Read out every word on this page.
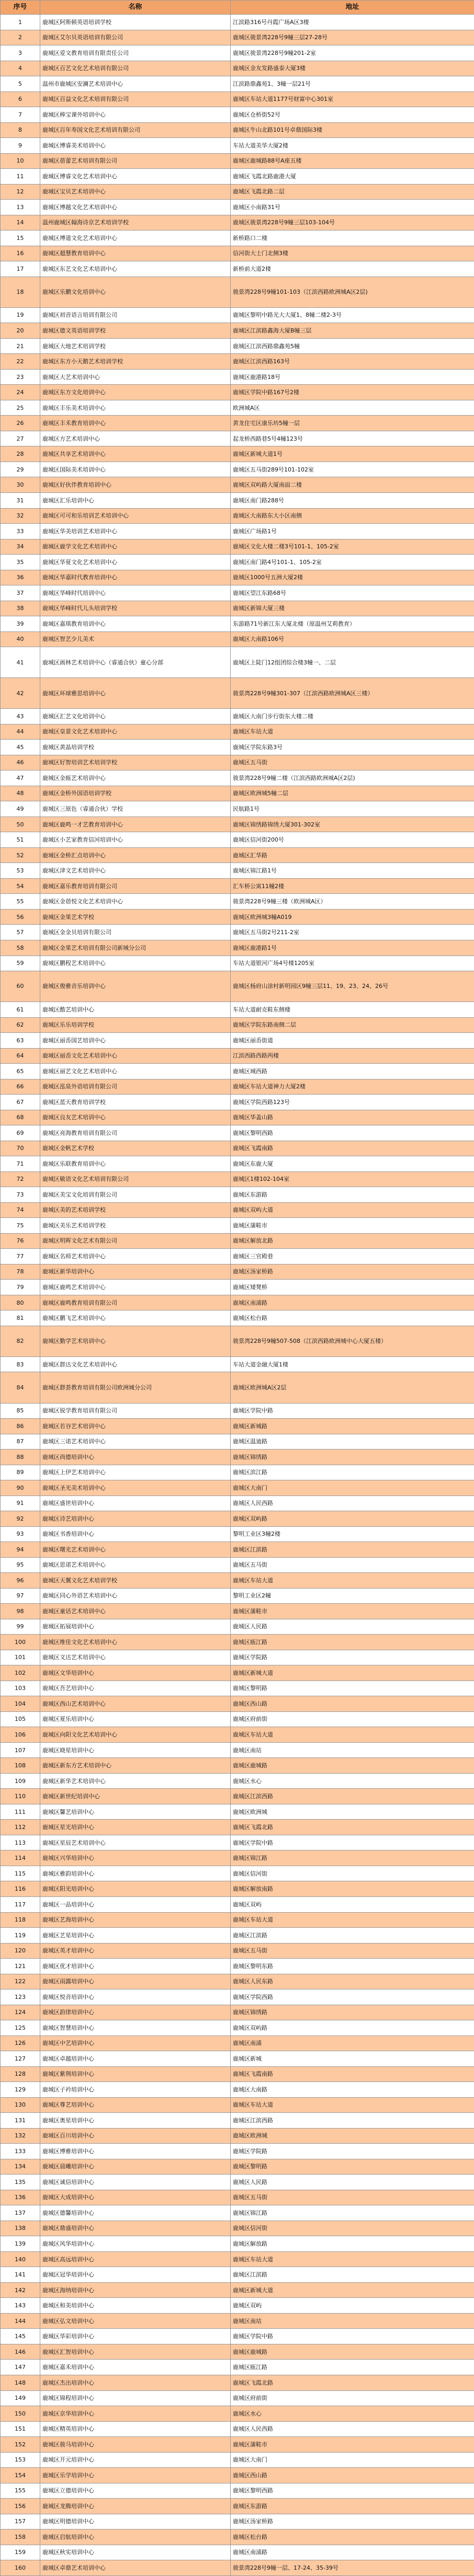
序号	名称	地址
1	鹿城区阿斯顿英语培训学校	江滨路316号丹霞广场A区3楼
2	鹿城区艾尔贝英语培训有限公司	鹿城区骏景湾228号9幢三层27-28号
3	鹿城区爱文教育培训有限责任公司	鹿城区骏景湾228号9幢201-2室
4	鹿城区百艺文化艺术培训有限公司	鹿城区金友发路盛泰大厦3楼
5	温州市鹿城区安澜艺术培训中心	江滨路鼎鑫苑1、3幢一层21号
6	鹿城区百益文化艺术培训有限公司	鹿城区车站大道1177号财富中心301室
7	鹿城区棒宝课外培训中心	鹿城区仓桥街52号
8	鹿城区百年寿国文化艺术培训有限公司	鹿城区牛山北路101号卓鼎国际3楼
9	鹿城区博睿美术培训中心	车站大道美华大厦2楼
10	鹿城区蓓蕾艺术培训有限公司	鹿城区鹿城路88号A座五楼
11	鹿城区博睿文化艺术培训中心	鹿城区飞霞北路鹿港大厦
12	鹿城区宝贝艺术培训中心	鹿城区飞霞北路二层
13	鹿城区博越文化艺术培训中心	鹿城区小南路31号
14	温州鹿城区翰海诗京艺术培训学校	鹿城区骏景湾228号9幢三层103-104号
15	鹿城区博道文化艺术培训中心	新桥路口二楼
16	鹿城区超慧教育培训中心	信河街大士门北侧3楼
17	鹿城区东艺文化艺术培训中心	新桥前大道2楼
18	鹿城区乐鹏文化培训中心	骏景湾228号9幢101-103（江滨西路欧洲城A区2层)
19	鹿城区初音语言培训有限公司	鹿城区黎明中路光大大厦1、8幢二楼2-3号
20	鹿城区德文英语培训学校	鹿城区江滨路鑫海大厦B幢三层
21	鹿城区大地艺术培训学校	鹿城区江滨西路鼎鑫苑5幢
22	鹿城区东方小天鹅艺术培训学校	鹿城区江滨西路163号
23	鹿城区大艺术培训中心	鹿城区鹿港路18号
24	鹿城区东方文化培训中心	鹿城区学院中路167号2楼
25	鹿城区丰乐美术培训中心	欧洲城A区
26	鹿城区丰禾教育培训中心	黄龙住宅区康乐坊5幢一层
27	鹿城区方艺术培训中心	起龙桥西路巷5号4幢123号
28	鹿城区共享艺术培训中心	鹿城区新城大道1号
29	鹿城区国际美术培训中心	鹿城区五马街289号101-102室
30	鹿城区好伙伴教育培训中心	鹿城区双屿路大厦南面二楼
31	鹿城区汇乐培训中心	鹿城区南门路288号
32	鹿城区可可和乐培训艺术培训中心	鹿城区大南路东大小区南侧
33	鹿城区华美培训艺术培训中心	鹿城区广场路1号
34	鹿城区鹿学文化艺术培训中心	鹿城区文化大楼二楼3号101-1、105-2室
35	鹿城区华夏文化艺术培训中心	鹿城区南门路4号101-1、105-2室
36	鹿城区华嘉时代教育培训中心	鹿城区1000号五洲大厦2楼
37	鹿城区华峰时代培训中心	鹿城区望江东路68号
38	鹿城区华峰时代儿头培训学校	鹿城区新锦大厦三楼
39	鹿城区嘉琪教育培训中心	东游路71号新江东大厦北楼（原温州艾莉教育）
40	鹿城区智艺少儿美术	鹿城区大南路106号
41	鹿城区画林艺术培训中心（睿通合伙）童心分部	鹿城区上陡门12组团综合楼3幢一、二层
42	鹿城区环球雅思培训中心	骏景湾228号9幢301-307（江滨西路欧洲城A区三楼）
43	鹿城区汇艺文化培训中心	鹿城区大南门步行街东大楼二楼
44	鹿城区皇景文化艺术培训中心	鹿城区车站大道
45	鹿城区黄晶培训学校	鹿城区学院东路3号
46	鹿城区好智培训艺术培训学校	鹿城区五马街
47	鹿城区金瓯艺术培训中心	骏景湾228号9幢二楼（江滨西路欧洲城A区2层)
48	鹿城区金桥外国语培训学校	鹿城区欧洲城5幢二层
49	鹿城区三原色（睿通合伙）学校	民航路1号
50	鹿城区鹿鸣一才艺教育培训中心	鹿城区锦绣路锦绣大厦301-302室
51	鹿城区小艺家教育信河培训中心	鹿城区信河街200号
52	鹿城区金桥汇点培训中心	鹿城区汇华路
53	鹿城区津文艺术培训中心	鹿城区锦江路1号
54	鹿城区嘉乐教育培训有限公司	汇车桥公寓11幢2楼
55	鹿城区金蓓悦文化艺术培训中心	骏景湾228号9幢三楼（欧洲城A区）
56	鹿城区金果艺术学校	鹿城区欧洲城3幢A019
57	鹿城区金金贝培训有限公司	鹿城区五马街2号211-2室
58	鹿城区金果艺术培训有限公司新城分公司	鹿城区鹿港路1号
59	鹿城区鹏程艺术培训中心	车站大道银河广场4号楼1205室
60	鹿城区俊雅音乐培训中心	鹿城区杨府山涂村新明园区9幢三层11、19、23、24、26号
61	鹿城区酷艺培训中心	车站大道耐克鞋东侧楼
62	鹿城区乐乐培训学校	鹿城区学院东路南侧二层
63	鹿城区丽岙国艺培训中心	鹿城区丽岙街道
64	鹿城区丽岙文化艺术培训中心	江滨西路西路两楼
65	鹿城区丽艺文化艺术培训中心	鹿城区城西路
66	鹿城区泓泉外语培训有限公司	鹿城区车站大道神力大厦2楼
67	鹿城区蓝天教育培训学校	鹿城区学院西路123号
68	鹿城区良友艺术培训中心	鹿城区华盖山路
69	鹿城区亮海教育培训有限公司	鹿城区黎明西路
70	鹿城区金帆艺术学校	鹿城区飞霞南路
71	鹿城区乐联教育培训中心	鹿城区东鹿大厦
72	鹿城区敏语文化艺术培训有限公司	鹿城区1楼102-104室
73	鹿城区美宝文化培训有限公司	鹿城区东游路
74	鹿城区美的艺术培训学校	鹿城区双屿大道
75	鹿城区美乐艺术培训学校	鹿城区蒲鞋市
76	鹿城区明晖文化艺术有限公司	鹿城区解放北路
77	鹿城区名师艺术培训中心	鹿城区三官殿巷
78	鹿城区新华培训中心	鹿城区汤家桥路
79	鹿城区鹿鸣艺术培训中心	鹿城区矮凳桥
80	鹿城区鹿鸣教育培训有限公司	鹿城区南浦路
81	鹿城区鹏飞艺术培训中心	鹿城区松台路
82	鹿城区勤学艺术培训中心	骏景湾228号9幢507-508（江滨西路欧洲城中心大厦五楼）
83	鹿城区群达文化艺术培训中心	车站大道金融大厦1楼
84	鹿城区群荟教育培训有限公司欧洲城分公司	鹿城区欧洲城A区2层
85	鹿城区锐学教育培训有限公司	鹿城区学院中路
86	鹿城区若谷艺术培训中心	鹿城区新城路
87	鹿城区三诺艺术培训中心	鹿城区温迪路
88	鹿城区尚德培训中心	鹿城区锦绣路
89	鹿城区上伊艺术培训中心	鹿城区滨江路
90	鹿城区圣光美术培训中心	鹿城区大南门
91	鹿城区盛世培训中心	鹿城区人民西路
92	鹿城区诗艺培训中心	鹿城区双屿路
93	鹿城区书香培训中心	黎明工业区3幢2楼
94	鹿城区曙光艺术培训中心	鹿城区江滨路
95	鹿城区思诺艺术培训中心	鹿城区五马街
96	鹿城区天翼文化艺术培训学校	鹿城区车站大道
97	鹿城区同心外语艺术培训中心	黎明工业区2幢
98	鹿城区童话艺术培训中心	鹿城区蒲鞋市
99	鹿城区拓展培训中心	鹿城区人民路
100	鹿城区维佳文化艺术培训中心	鹿城区瓯江路
101	鹿城区文达艺术培训中心	鹿城区学院路
102	鹿城区文华培训中心	鹿城区新城大道
103	鹿城区吾艺培训中心	鹿城区黎明路
104	鹿城区西山艺术培训中心	鹿城区西山路
105	鹿城区夏乐培训中心	鹿城区府前街
106	鹿城区向阳文化艺术培训中心	鹿城区车站大道
107	鹿城区晓星培训中心	鹿城区南站
108	鹿城区新东方艺术培训中心	鹿城区鹿城路
109	鹿城区新华艺术培训中心	鹿城区水心
110	鹿城区新世纪培训中心	鹿城区江滨西路
111	鹿城区馨艺培训中心	鹿城区欧洲城
112	鹿城区星光培训中心	鹿城区飞霞北路
113	鹿城区星辰艺术培训中心	鹿城区学院中路
114	鹿城区兴华培训中心	鹿城区锦江路
115	鹿城区雅韵培训中心	鹿城区信河街
116	鹿城区阳光培训中心	鹿城区解放南路
117	鹿城区一品培训中心	鹿城区双屿
118	鹿城区艺海培训中心	鹿城区车站大道
119	鹿城区艺星培训中心	鹿城区江滨路
120	鹿城区英才培训中心	鹿城区五马街
121	鹿城区优才培训中心	鹿城区黎明东路
122	鹿城区雨露培训中心	鹿城区人民东路
123	鹿城区悦音培训中心	鹿城区学院西路
124	鹿城区韵律培训中心	鹿城区锦绣路
125	鹿城区智慧培训中心	鹿城区双屿路
126	鹿城区中艺培训中心	鹿城区南浦
127	鹿城区卓越培训中心	鹿城区新城
128	鹿城区紫荆培训中心	鹿城区飞霞南路
129	鹿城区子衿培训中心	鹿城区大南路
130	鹿城区尊艺培训中心	鹿城区车站大道
131	鹿城区奥星培训中心	鹿城区江滨西路
132	鹿城区百川培训中心	鹿城区欧洲城
133	鹿城区博雅培训中心	鹿城区学院路
134	鹿城区晨曦培训中心	鹿城区黎明路
135	鹿城区诚信培训中心	鹿城区人民路
136	鹿城区大成培训中心	鹿城区五马街
137	鹿城区德馨培训中心	鹿城区锦江路
138	鹿城区鼎盛培训中心	鹿城区信河街
139	鹿城区风华培训中心	鹿城区解放路
140	鹿城区高远培训中心	鹿城区车站大道
141	鹿城区冠华培训中心	鹿城区江滨路
142	鹿城区海纳培训中心	鹿城区新城大道
143	鹿城区和美培训中心	鹿城区双屿
144	鹿城区弘文培训中心	鹿城区南站
145	鹿城区华彩培训中心	鹿城区学院中路
146	鹿城区汇智培训中心	鹿城区鹿城路
147	鹿城区嘉禾培训中心	鹿城区瓯江路
148	鹿城区杰出培训中心	鹿城区飞霞北路
149	鹿城区锦程培训中心	鹿城区府前街
150	鹿城区京华培训中心	鹿城区水心
151	鹿城区精英培训中心	鹿城区人民西路
152	鹿城区骏马培训中心	鹿城区蒲鞋市
153	鹿城区开元培训中心	鹿城区大南门
154	鹿城区乐学培训中心	鹿城区西山路
155	鹿城区立德培训中心	鹿城区黎明西路
156	鹿城区龙腾培训中心	鹿城区东游路
157	鹿城区明德培训中心	鹿城区汤家桥路
158	鹿城区启航培训中心	鹿城区松台路
159	鹿城区秋实培训中心	鹿城区南浦路
160	鹿城区卓鼎艺术培训中心	骏景湾228号9幢一层、17-24、35-39号
